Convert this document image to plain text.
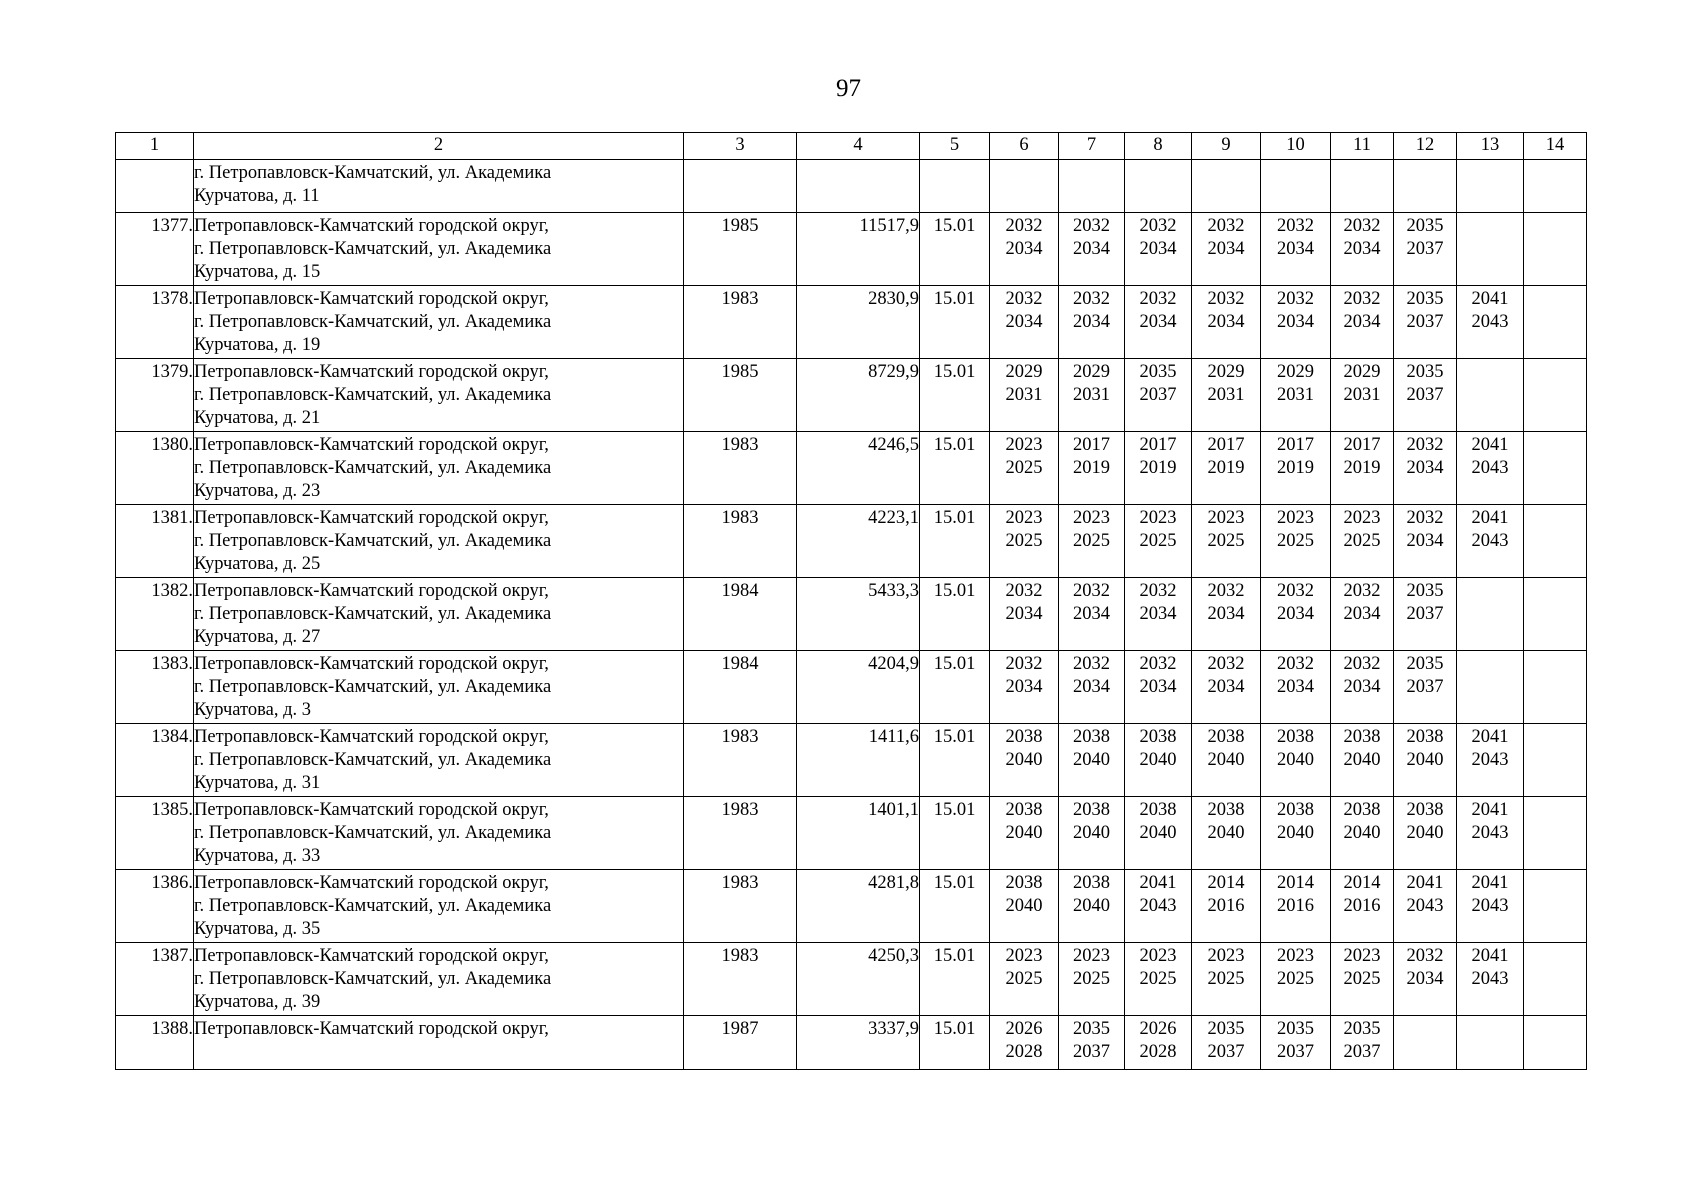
97
1	2	3	4	5	6	7	8	9	10	11	12	13	14

	г. Петропавловск-Камчатский, ул. Академика
Курчатова, д. 11												

1377.	Петропавловск-Камчатский городской округ,
г. Петропавловск-Камчатский, ул. Академика
Курчатова, д. 15	1985	11517,9	15.01	2032
2034	2032
2034	2032
2034	2032
2034	2032
2034	2032
2034	2035
2037		

1378.	Петропавловск-Камчатский городской округ,
г. Петропавловск-Камчатский, ул. Академика
Курчатова, д. 19	1983	2830,9	15.01	2032
2034	2032
2034	2032
2034	2032
2034	2032
2034	2032
2034	2035
2037	2041
2043	

1379.	Петропавловск-Камчатский городской округ,
г. Петропавловск-Камчатский, ул. Академика
Курчатова, д. 21	1985	8729,9	15.01	2029
2031	2029
2031	2035
2037	2029
2031	2029
2031	2029
2031	2035
2037		

1380.	Петропавловск-Камчатский городской округ,
г. Петропавловск-Камчатский, ул. Академика
Курчатова, д. 23	1983	4246,5	15.01	2023
2025	2017
2019	2017
2019	2017
2019	2017
2019	2017
2019	2032
2034	2041
2043	

1381.	Петропавловск-Камчатский городской округ,
г. Петропавловск-Камчатский, ул. Академика
Курчатова, д. 25	1983	4223,1	15.01	2023
2025	2023
2025	2023
2025	2023
2025	2023
2025	2023
2025	2032
2034	2041
2043	

1382.	Петропавловск-Камчатский городской округ,
г. Петропавловск-Камчатский, ул. Академика
Курчатова, д. 27	1984	5433,3	15.01	2032
2034	2032
2034	2032
2034	2032
2034	2032
2034	2032
2034	2035
2037		

1383.	Петропавловск-Камчатский городской округ,
г. Петропавловск-Камчатский, ул. Академика
Курчатова, д. 3	1984	4204,9	15.01	2032
2034	2032
2034	2032
2034	2032
2034	2032
2034	2032
2034	2035
2037		

1384.	Петропавловск-Камчатский городской округ,
г. Петропавловск-Камчатский, ул. Академика
Курчатова, д. 31	1983	1411,6	15.01	2038
2040	2038
2040	2038
2040	2038
2040	2038
2040	2038
2040	2038
2040	2041
2043	

1385.	Петропавловск-Камчатский городской округ,
г. Петропавловск-Камчатский, ул. Академика
Курчатова, д. 33	1983	1401,1	15.01	2038
2040	2038
2040	2038
2040	2038
2040	2038
2040	2038
2040	2038
2040	2041
2043	

1386.	Петропавловск-Камчатский городской округ,
г. Петропавловск-Камчатский, ул. Академика
Курчатова, д. 35	1983	4281,8	15.01	2038
2040	2038
2040	2041
2043	2014
2016	2014
2016	2014
2016	2041
2043	2041
2043	

1387.	Петропавловск-Камчатский городской округ,
г. Петропавловск-Камчатский, ул. Академика
Курчатова, д. 39	1983	4250,3	15.01	2023
2025	2023
2025	2023
2025	2023
2025	2023
2025	2023
2025	2032
2034	2041
2043	

1388.	Петропавловск-Камчатский городской округ,	1987	3337,9	15.01	2026
2028	2035
2037	2026
2028	2035
2037	2035
2037	2035
2037			
